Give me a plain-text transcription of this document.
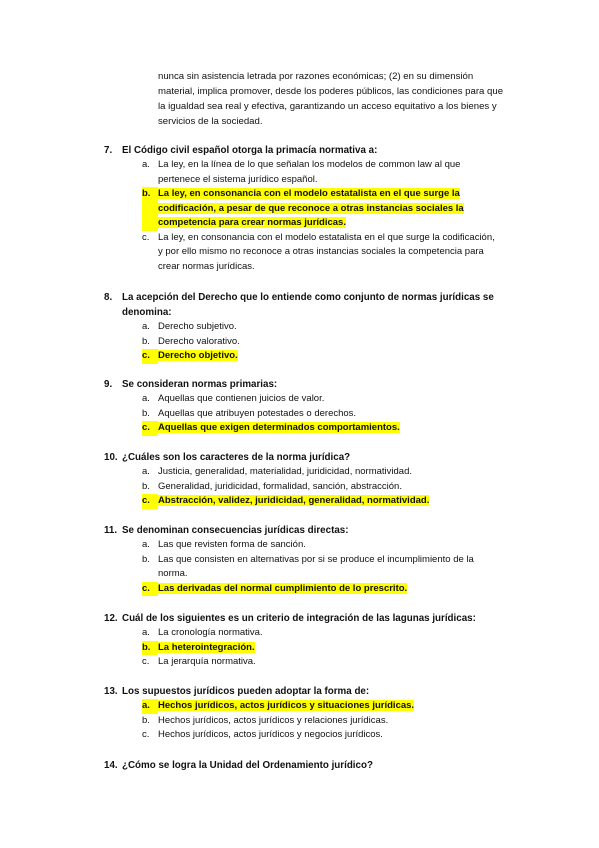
nunca sin asistencia letrada por razones económicas; (2) en su dimensión material, implica promover, desde los poderes públicos, las condiciones para que la igualdad sea real y efectiva, garantizando un acceso equitativo a los bienes y servicios de la sociedad.
7.	El Código civil español otorga la primacía normativa a:
a. La ley, en la línea de lo que señalan los modelos de common law al que pertenece el sistema jurídico español.
b. La ley, en consonancia con el modelo estatalista en el que surge la codificación, a pesar de que reconoce a otras instancias sociales la competencia para crear normas jurídicas.
c. La ley, en consonancia con el modelo estatalista en el que surge la codificación, y por ello mismo no reconoce a otras instancias sociales la competencia para crear normas jurídicas.
8.	La acepción del Derecho que lo entiende como conjunto de normas jurídicas se denomina:
a. Derecho subjetivo.
b. Derecho valorativo.
c. Derecho objetivo.
9.	Se consideran normas primarias:
a. Aquellas que contienen juicios de valor.
b. Aquellas que atribuyen potestades o derechos.
c. Aquellas que exigen determinados comportamientos.
10. ¿Cuáles son los caracteres de la norma jurídica?
a. Justicia, generalidad, materialidad, juridicidad, normatividad.
b. Generalidad, juridicidad, formalidad, sanción, abstracción.
c. Abstracción, validez, juridicidad, generalidad, normatividad.
11. Se denominan consecuencias jurídicas directas:
a. Las que revisten forma de sanción.
b. Las que consisten en alternativas por si se produce el incumplimiento de la norma.
c. Las derivadas del normal cumplimiento de lo prescrito.
12. Cuál de los siguientes es un criterio de integración de las lagunas jurídicas:
a. La cronología normativa.
b. La heterointegración.
c. La jerarquía normativa.
13. Los supuestos jurídicos pueden adoptar la forma de:
a. Hechos jurídicos, actos jurídicos y situaciones jurídicas.
b. Hechos jurídicos, actos jurídicos y relaciones jurídicas.
c. Hechos jurídicos, actos jurídicos y negocios jurídicos.
14. ¿Cómo se logra la Unidad del Ordenamiento jurídico?
